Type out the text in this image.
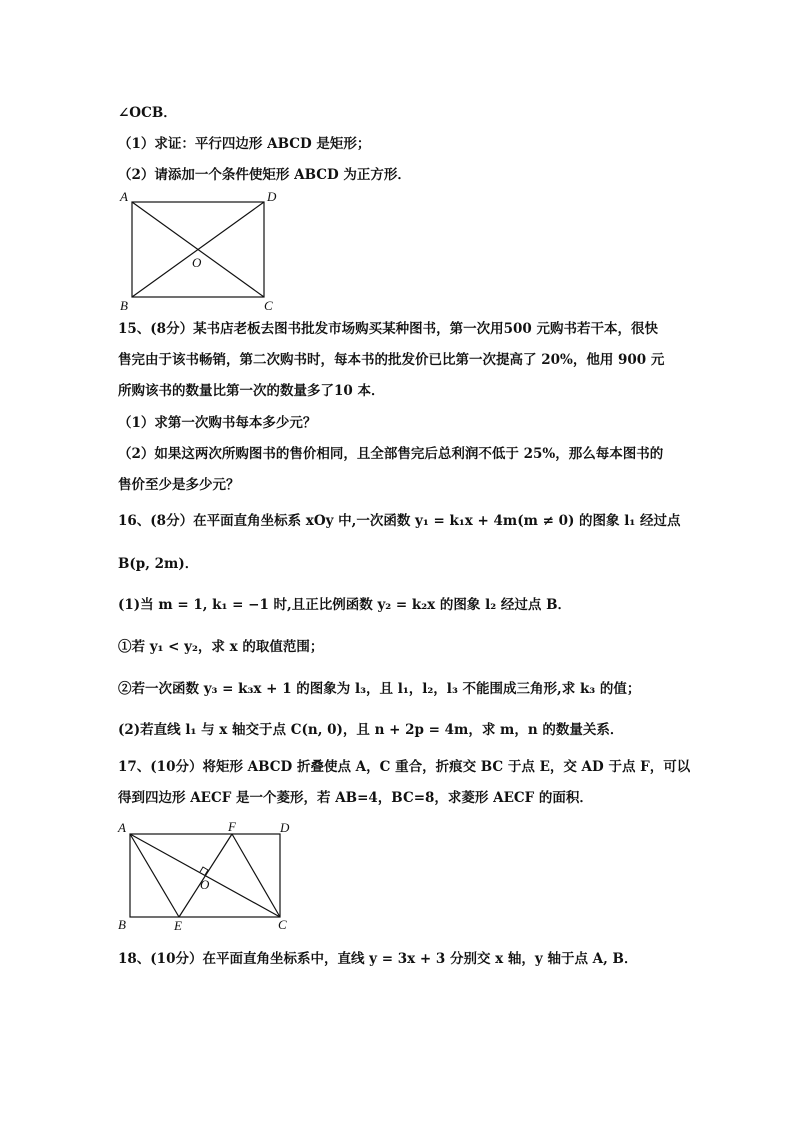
∠OCB．
（1）求证：平行四边形 ABCD 是矩形；
（2）请添加一个条件使矩形 ABCD 为正方形．
A	D
B	C
O
15、(8分）某书店老板去图书批发市场购买某种图书，第一次用500 元购书若干本，很快
售完由于该书畅销，第二次购书时，每本书的批发价已比第一次提高了 20%，他用 900 元
所购该书的数量比第一次的数量多了10 本．
（1）求第一次购书每本多少元？
（2）如果这两次所购图书的售价相同，且全部售完后总利润不低于 25%，那么每本图书的
售价至少是多少元？
16、(8分）在平面直角坐标系 xOy 中,一次函数 y₁ = k₁x + 4m(m ≠ 0) 的图象 l₁ 经过点
B(p, 2m)．
(1)当 m = 1, k₁ = −1 时,且正比例函数 y₂ = k₂x 的图象 l₂ 经过点 B．
①若 y₁ < y₂，求 x 的取值范围；
②若一次函数 y₃ = k₃x + 1 的图象为 l₃，且 l₁，l₂，l₃ 不能围成三角形,求 k₃ 的值；
(2)若直线 l₁ 与 x 轴交于点 C(n, 0)，且 n + 2p = 4m，求 m，n 的数量关系．
17、(10分）将矩形 ABCD 折叠使点 A，C 重合，折痕交 BC 于点 E，交 AD 于点 F，可以
得到四边形 AECF 是一个菱形，若 AB=4，BC=8，求菱形 AECF 的面积．
A	F	D
B	E	C
O
18、(10分）在平面直角坐标系中，直线 y = 3x + 3 分别交 x 轴，y 轴于点 A, B．
